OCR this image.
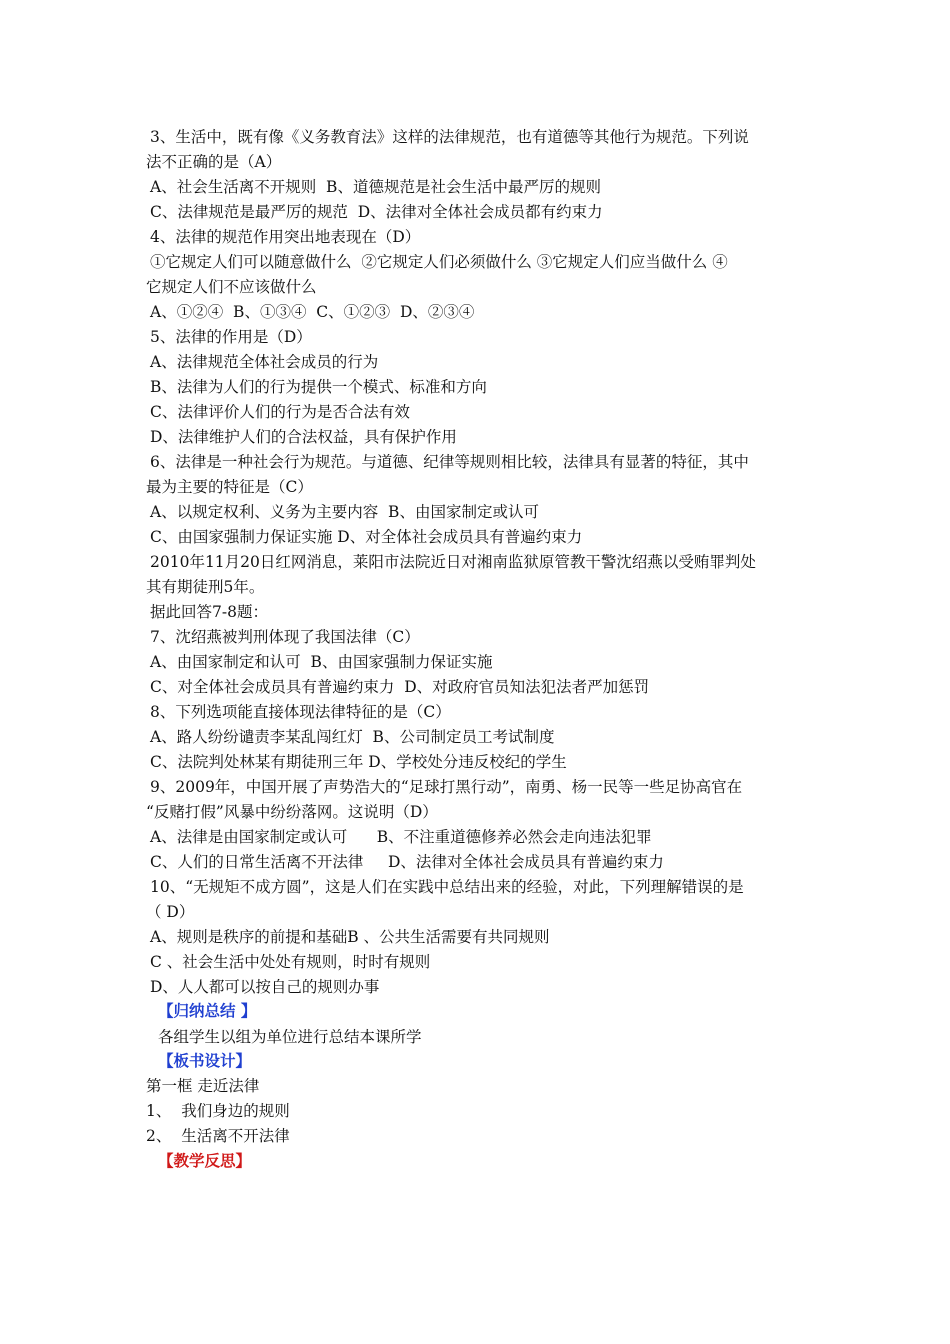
3、生活中，既有像《义务教育法》这样的法律规范，也有道德等其他行为规范。下列说
法不正确的是（A）
A、社会生活离不开规则  B、道德规范是社会生活中最严厉的规则
C、法律规范是最严厉的规范  D、法律对全体社会成员都有约束力
4、法律的规范作用突出地表现在（D）
①它规定人们可以随意做什么  ②它规定人们必须做什么 ③它规定人们应当做什么 ④
它规定人们不应该做什么
A、①②④  B、①③④  C、①②③  D、②③④
5、法律的作用是（D）
A、法律规范全体社会成员的行为
B、法律为人们的行为提供一个模式、标准和方向
C、法律评价人们的行为是否合法有效
D、法律维护人们的合法权益，具有保护作用
6、法律是一种社会行为规范。与道德、纪律等规则相比较，法律具有显著的特征，其中
最为主要的特征是（C）
A、以规定权利、义务为主要内容  B、由国家制定或认可
C、由国家强制力保证实施 D、对全体社会成员具有普遍约束力
2010年11月20日红网消息，莱阳市法院近日对湘南监狱原管教干警沈绍燕以受贿罪判处
其有期徒刑5年。
据此回答7-8题：
7、沈绍燕被判刑体现了我国法律（C）
A、由国家制定和认可  B、由国家强制力保证实施
C、对全体社会成员具有普遍约束力  D、对政府官员知法犯法者严加惩罚
8、下列选项能直接体现法律特征的是（C）
A、路人纷纷谴责李某乱闯红灯  B、公司制定员工考试制度
C、法院判处林某有期徒刑三年 D、学校处分违反校纪的学生
9、2009年，中国开展了声势浩大的“足球打黑行动”，南勇、杨一民等一些足协高官在
“反赌打假”风暴中纷纷落网。这说明（D）
A、法律是由国家制定或认可      B、不注重道德修养必然会走向违法犯罪
C、人们的日常生活离不开法律     D、法律对全体社会成员具有普遍约束力
10、“无规矩不成方圆”，这是人们在实践中总结出来的经验，对此，下列理解错误的是
（ D）
A、规则是秩序的前提和基础B 、公共生活需要有共同规则
C 、社会生活中处处有规则，时时有规则
D、人人都可以按自己的规则办事
【归纳总结 】
各组学生以组为单位进行总结本课所学
【板书设计】
第一框 走近法律
1、  我们身边的规则
2、  生活离不开法律
【教学反思】
